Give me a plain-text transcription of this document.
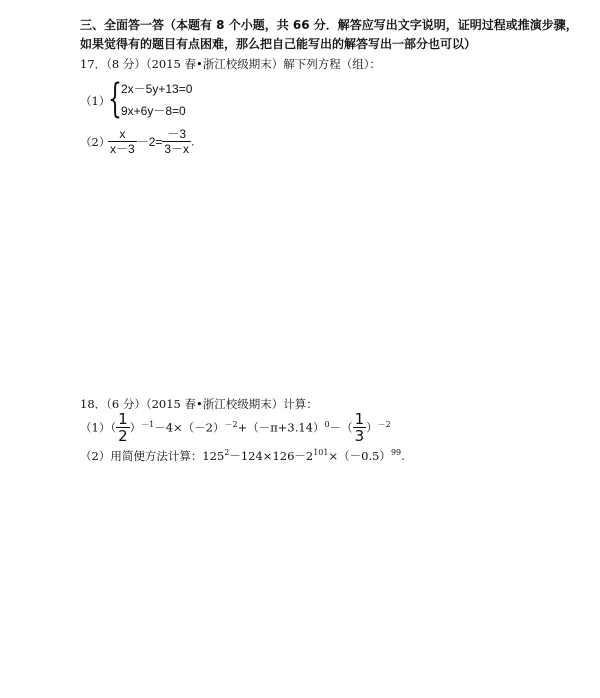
三、全面答一答（本题有 8 个小题，共 66 分．解答应写出文字说明，证明过程或推演步骤，
如果觉得有的题目有点困难，那么把自己能写出的解答写出一部分也可以）
17．（8 分）（2015 春•浙江校级期末）解下列方程（组）：
（1）
{ 2x－5y+13=0
9x+6y－8=0
（2）
$\frac{x}{x-3} -2= \frac{-3}{3-x}$ .
18．（6 分）（2015 春•浙江校级期末）计算：
$(1)( \frac{1}{2} )^{-1}-4\times(-2)^{-2}+(-\pi+3.14)^0-( \frac{1}{3} )^{-2}$
（2）用简便方法计算：$125^2-124\times 126-2^{101}\times(-0.5)^{99}$.
